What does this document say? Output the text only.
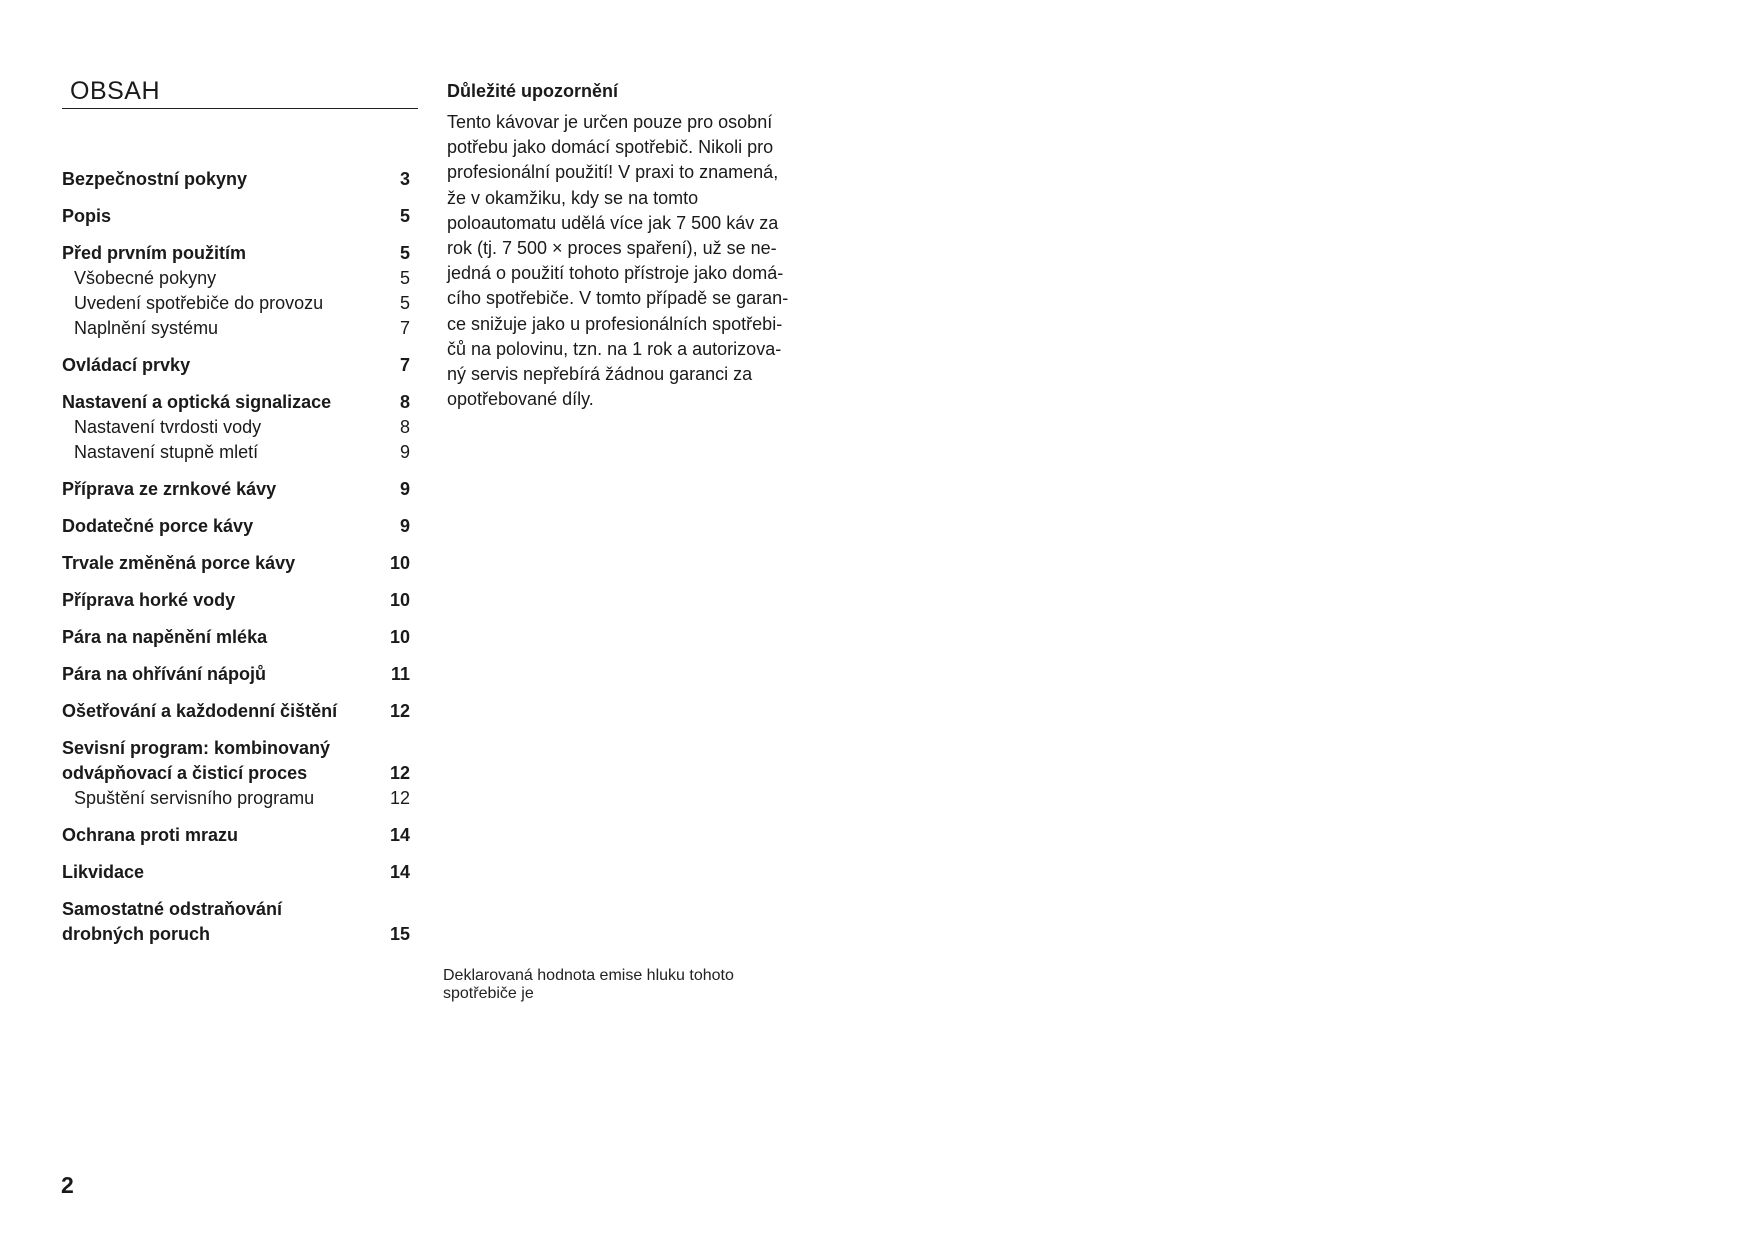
OBSAH
Bezpečnostní pokyny	3
Popis	5
Před prvním použitím	5
Všobecné pokyny	5
Uvedení spotřebiče do provozu	5
Naplnění systému	7
Ovládací prvky	7
Nastavení a optická signalizace	8
Nastavení tvrdosti vody	8
Nastavení stupně mletí	9
Příprava ze zrnkové kávy	9
Dodatečné porce kávy	9
Trvale změněná porce kávy	10
Příprava horké vody	10
Pára na napěnění mléka	10
Pára na ohřívání nápojů	11
Ošetřování a každodenní čištění	12
Sevisní program: kombinovaný
odvápňovací a čisticí proces	12
Spuštění servisního programu	12
Ochrana proti mrazu	14
Likvidace	14
Samostatné odstraňování
drobných poruch	15
Důležité upozornění
Tento kávovar je určen pouze pro osobní
potřebu jako domácí spotřebič. Nikoli pro
profesionální použití! V praxi to znamená,
že v okamžiku, kdy se na tomto
poloautomatu udělá více jak 7 500 káv za
rok (tj. 7 500 × proces spaření), už se ne-
jedná o použití tohoto přístroje jako domá-
cího spotřebiče. V tomto případě se garan-
ce snižuje jako u profesionálních spotřebi-
čů na polovinu, tzn. na 1 rok a autorizova-
ný servis nepřebírá žádnou garanci za
opotřebované díly.
Deklarovaná hodnota emise hluku tohoto
spotřebiče je
2
